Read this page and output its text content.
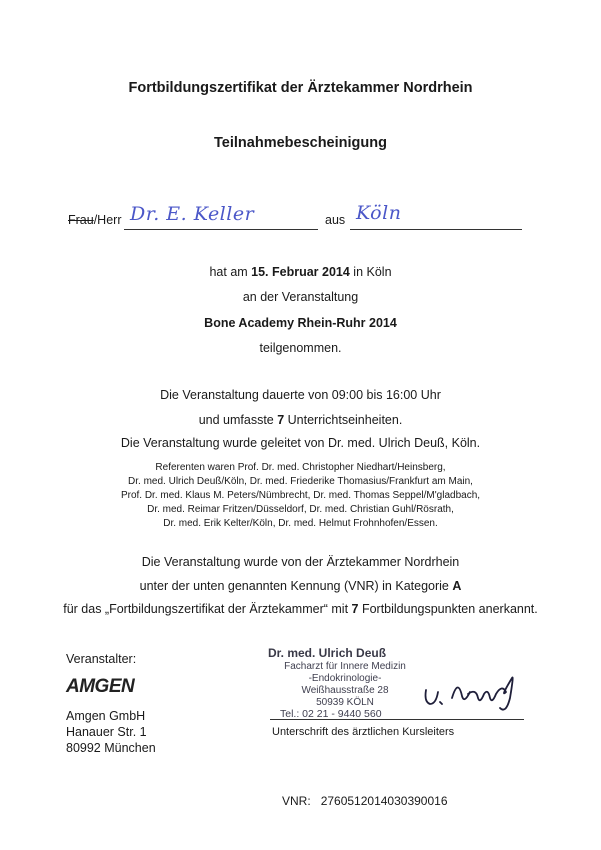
Fortbildungszertifikat der Ärztekammer Nordrhein
Teilnahmebescheinigung
Frau/Herr Dr. E. Keller	aus Köln
hat am 15. Februar 2014 in Köln
an der Veranstaltung
Bone Academy Rhein-Ruhr 2014
teilgenommen.
Die Veranstaltung dauerte von 09:00 bis 16:00 Uhr
und umfasste 7 Unterrichtseinheiten.
Die Veranstaltung wurde geleitet von Dr. med. Ulrich Deuß, Köln.
Referenten waren Prof. Dr. med. Christopher Niedhart/Heinsberg,
Dr. med. Ulrich Deuß/Köln, Dr. med. Friederike Thomasius/Frankfurt am Main,
Prof. Dr. med. Klaus M. Peters/Nümbrecht, Dr. med. Thomas Seppel/M'gladbach,
Dr. med. Reimar Fritzen/Düsseldorf, Dr. med. Christian Guhl/Rösrath,
Dr. med. Erik Kelter/Köln, Dr. med. Helmut Frohnhofen/Essen.
Die Veranstaltung wurde von der Ärztekammer Nordrhein
unter der unten genannten Kennung (VNR) in Kategorie A
für das „Fortbildungszertifikat der Ärztekammer“ mit 7 Fortbildungspunkten anerkannt.
Veranstalter:
AMGEN
Amgen GmbH
Hanauer Str. 1
80992 München
Dr. med. Ulrich Deuß
Facharzt für Innere Medizin
-Endokrinologie-
Weißhausstraße 28
50939 KÖLN
Tel.: 02 21 - 9440 560
Unterschrift des ärztlichen Kursleiters
VNR: 2760512014030390016
